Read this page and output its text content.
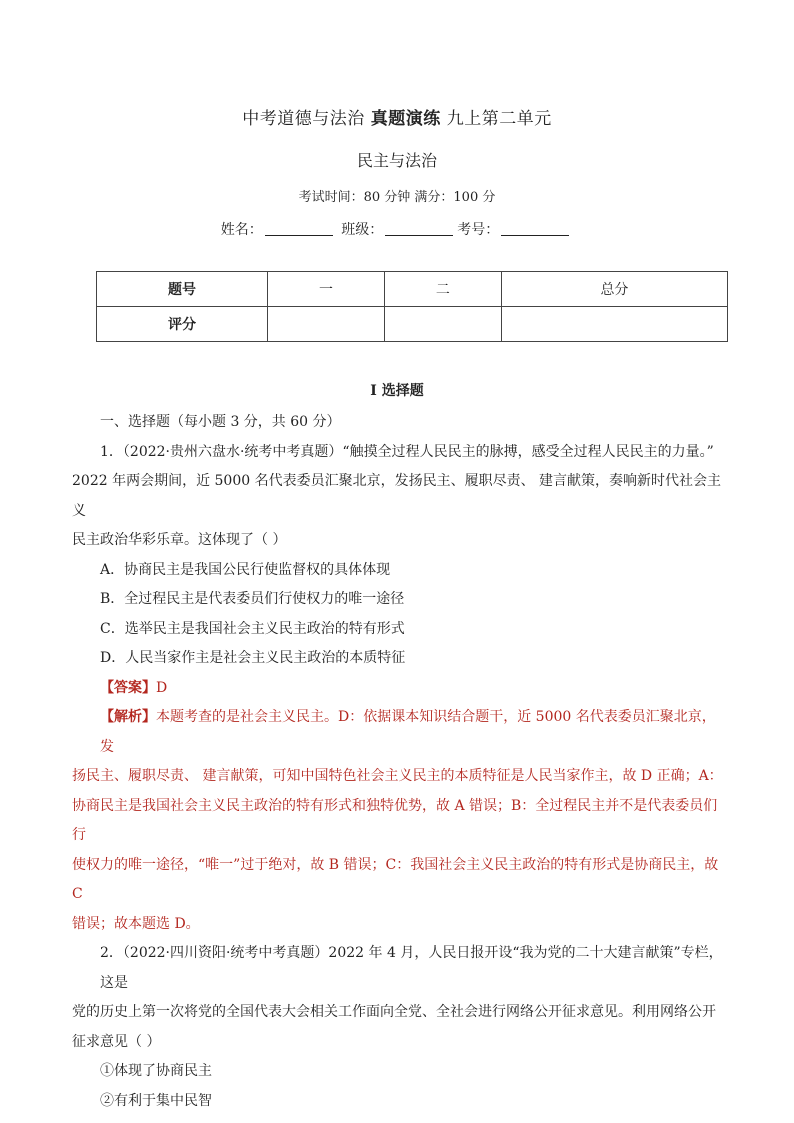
中考道德与法治 真题演练 九上第二单元
民主与法治
考试时间：80 分钟 满分：100 分
姓名：	班级：	考号：
题号	一	二	总分
评分			
I 选择题

一、选择题（每小题 3 分，共 60 分）

1．（2022·贵州六盘水·统考中考真题）“触摸全过程人民民主的脉搏，感受全过程人民民主的力量。”

2022 年两会期间，近 5000 名代表委员汇聚北京，发扬民主、履职尽责、 建言献策，奏响新时代社会主义

民主政治华彩乐章。这体现了（ ）

A．协商民主是我国公民行使监督权的具体体现

B．全过程民主是代表委员们行使权力的唯一途径

C．选举民主是我国社会主义民主政治的特有形式

D．人民当家作主是社会主义民主政治的本质特征

【答案】D

【解析】本题考查的是社会主义民主。D：依据课本知识结合题干，近 5000 名代表委员汇聚北京，发

扬民主、履职尽责、 建言献策，可知中国特色社会主义民主的本质特征是人民当家作主，故 D 正确；A：

协商民主是我国社会主义民主政治的特有形式和独特优势，故 A 错误；B：全过程民主并不是代表委员们行

使权力的唯一途径，“唯一”过于绝对，故 B 错误；C：我国社会主义民主政治的特有形式是协商民主，故 C

错误；故本题选 D。

2．（2022·四川资阳·统考中考真题）2022 年 4 月，人民日报开设“我为党的二十大建言献策”专栏，这是

党的历史上第一次将党的全国代表大会相关工作面向全党、全社会进行网络公开征求意见。利用网络公开

征求意见（ ）

①体现了协商民主

②有利于集中民智
